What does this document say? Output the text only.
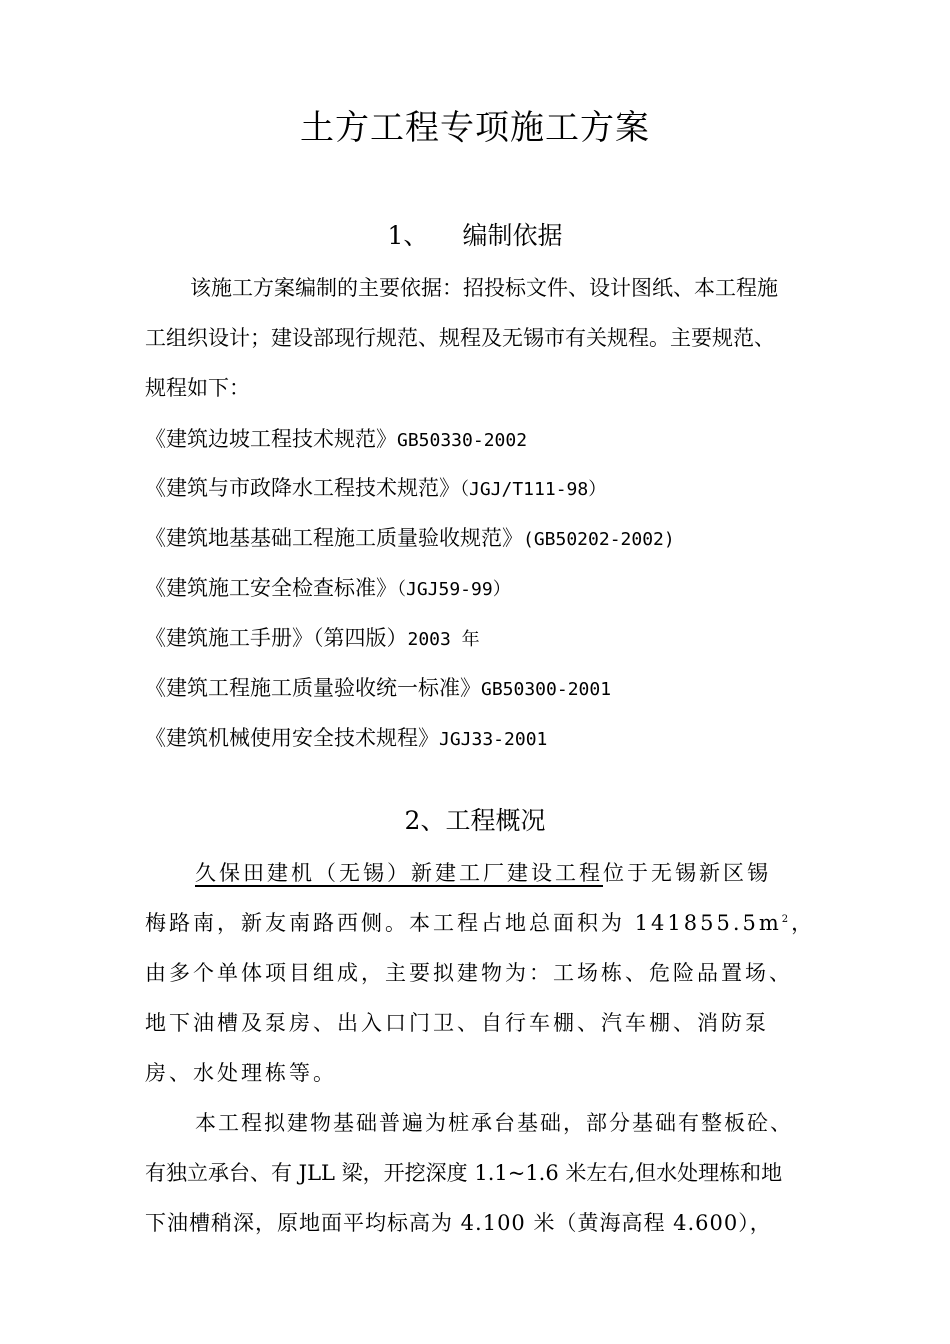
土方工程专项施工方案
1、 编制依据
该施工方案编制的主要依据：招投标文件、设计图纸、本工程施
工组织设计；建设部现行规范、规程及无锡市有关规程。主要规范、
规程如下：
《建筑边坡工程技术规范》GB50330-2002
《建筑与市政降水工程技术规范》（JGJ/T111-98）
《建筑地基基础工程施工质量验收规范》(GB50202-2002)
《建筑施工安全检查标准》（JGJ59-99）
《建筑施工手册》（第四版）2003 年
《建筑工程施工质量验收统一标准》GB50300-2001
《建筑机械使用安全技术规程》JGJ33-2001
2、工程概况
久保田建机（无锡）新建工厂建设工程位于无锡新区锡
梅路南，新友南路西侧。本工程占地总面积为 $141855.5m^2$，
由多个单体项目组成，主要拟建物为：工场栋、危险品置场、
地下油槽及泵房、出入口门卫、自行车棚、汽车棚、消防泵
房、水处理栋等。
本工程拟建物基础普遍为桩承台基础，部分基础有整板砼、
有独立承台、有 JLL 梁，开挖深度 1.1~1.6 米左右,但水处理栋和地
下油槽稍深，原地面平均标高为 4.100 米（黄海高程 4.600），
